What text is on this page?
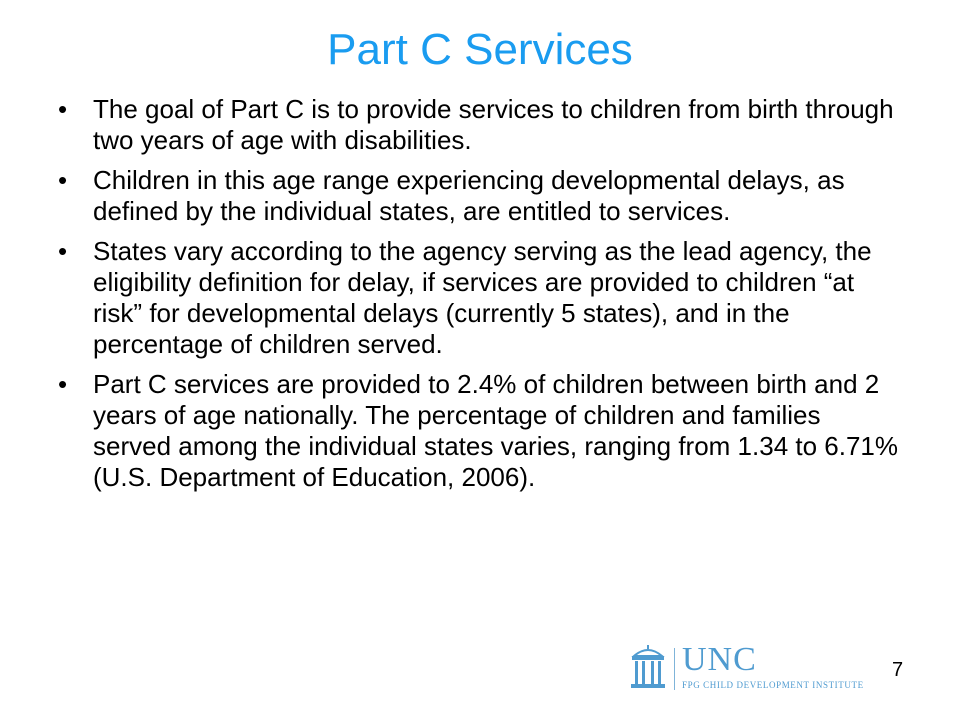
Part C Services
• The goal of Part C is to provide services to children from birth through two years of age with disabilities.
• Children in this age range experiencing developmental delays, as defined by the individual states, are entitled to services.
• States vary according to the agency serving as the lead agency, the eligibility definition for delay, if services are provided to children “at risk” for developmental delays (currently 5 states), and in the percentage of children served.
• Part C services are provided to 2.4% of children between birth and 2 years of age nationally. The percentage of children and families served among the individual states varies, ranging from 1.34 to 6.71% (U.S. Department of Education, 2006).
UNC
FPG CHILD DEVELOPMENT INSTITUTE
7
